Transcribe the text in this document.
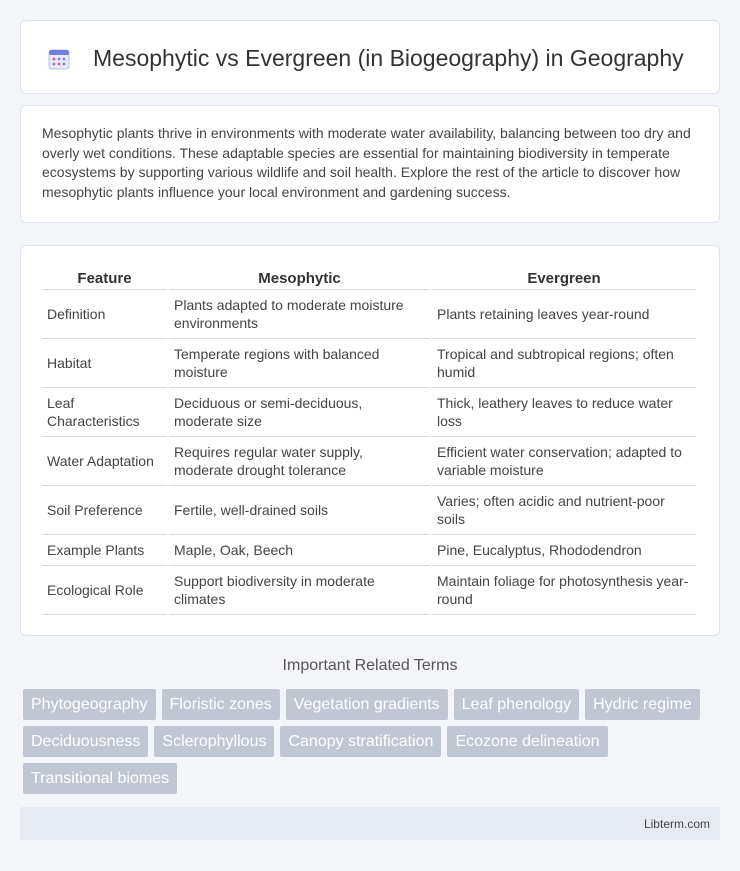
Mesophytic vs Evergreen (in Biogeography) in Geography

Mesophytic plants thrive in environments with moderate water availability, balancing between too dry and overly wet conditions. These adaptable species are essential for maintaining biodiversity in temperate ecosystems by supporting various wildlife and soil health. Explore the rest of the article to discover how mesophytic plants influence your local environment and gardening success.

Feature	Mesophytic	Evergreen
Definition	Plants adapted to moderate moisture environments	Plants retaining leaves year-round
Habitat	Temperate regions with balanced moisture	Tropical and subtropical regions; often humid
Leaf Characteristics	Deciduous or semi-deciduous, moderate size	Thick, leathery leaves to reduce water loss
Water Adaptation	Requires regular water supply, moderate drought tolerance	Efficient water conservation; adapted to variable moisture
Soil Preference	Fertile, well-drained soils	Varies; often acidic and nutrient-poor soils
Example Plants	Maple, Oak, Beech	Pine, Eucalyptus, Rhododendron
Ecological Role	Support biodiversity in moderate climates	Maintain foliage for photosynthesis year-round
Important Related Terms
Phytogeography	Floristic zones	Vegetation gradients	Leaf phenology	Hydric regime
Deciduousness	Sclerophyllous	Canopy stratification	Ecozone delineation
Transitional biomes
Libterm.com
